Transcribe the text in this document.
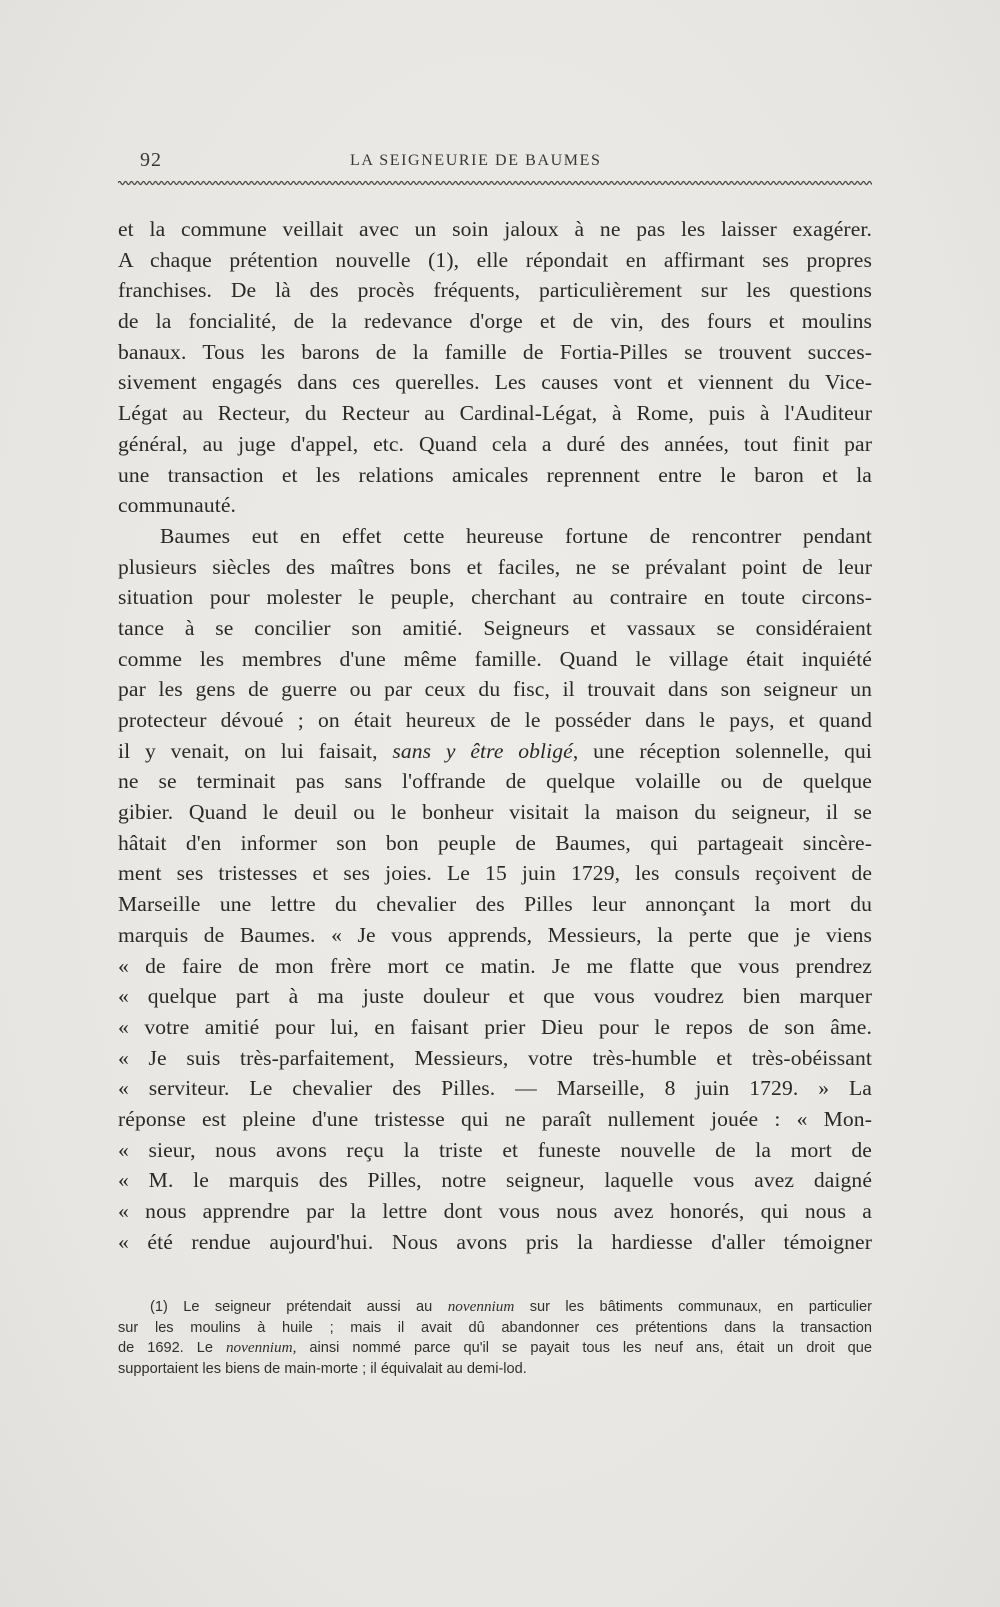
92	LA SEIGNEURIE DE BAUMES
et la commune veillait avec un soin jaloux à ne pas les laisser exagérer.
A chaque prétention nouvelle (1), elle répondait en affirmant ses propres
franchises. De là des procès fréquents, particulièrement sur les questions
de la foncialité, de la redevance d'orge et de vin, des fours et moulins
banaux. Tous les barons de la famille de Fortia-Pilles se trouvent succes-
sivement engagés dans ces querelles. Les causes vont et viennent du Vice-
Légat au Recteur, du Recteur au Cardinal-Légat, à Rome, puis à l'Auditeur
général, au juge d'appel, etc. Quand cela a duré des années, tout finit par
une transaction et les relations amicales reprennent entre le baron et la
communauté.
Baumes eut en effet cette heureuse fortune de rencontrer pendant
plusieurs siècles des maîtres bons et faciles, ne se prévalant point de leur
situation pour molester le peuple, cherchant au contraire en toute circons-
tance à se concilier son amitié. Seigneurs et vassaux se considéraient
comme les membres d'une même famille. Quand le village était inquiété
par les gens de guerre ou par ceux du fisc, il trouvait dans son seigneur un
protecteur dévoué ; on était heureux de le posséder dans le pays, et quand
il y venait, on lui faisait, sans y être obligé, une réception solennelle, qui
ne se terminait pas sans l'offrande de quelque volaille ou de quelque
gibier. Quand le deuil ou le bonheur visitait la maison du seigneur, il se
hâtait d'en informer son bon peuple de Baumes, qui partageait sincère-
ment ses tristesses et ses joies. Le 15 juin 1729, les consuls reçoivent de
Marseille une lettre du chevalier des Pilles leur annonçant la mort du
marquis de Baumes. « Je vous apprends, Messieurs, la perte que je viens
« de faire de mon frère mort ce matin. Je me flatte que vous prendrez
« quelque part à ma juste douleur et que vous voudrez bien marquer
« votre amitié pour lui, en faisant prier Dieu pour le repos de son âme.
« Je suis très-parfaitement, Messieurs, votre très-humble et très-obéissant
« serviteur. Le chevalier des Pilles. — Marseille, 8 juin 1729. » La
réponse est pleine d'une tristesse qui ne paraît nullement jouée : « Mon-
« sieur, nous avons reçu la triste et funeste nouvelle de la mort de
« M. le marquis des Pilles, notre seigneur, laquelle vous avez daigné
« nous apprendre par la lettre dont vous nous avez honorés, qui nous a
« été rendue aujourd'hui. Nous avons pris la hardiesse d'aller témoigner
(1) Le seigneur prétendait aussi au novennium sur les bâtiments communaux, en particulier
sur les moulins à huile ; mais il avait dû abandonner ces prétentions dans la transaction
de 1692. Le novennium, ainsi nommé parce qu'il se payait tous les neuf ans, était un droit que
supportaient les biens de main-morte ; il équivalait au demi-lod.
